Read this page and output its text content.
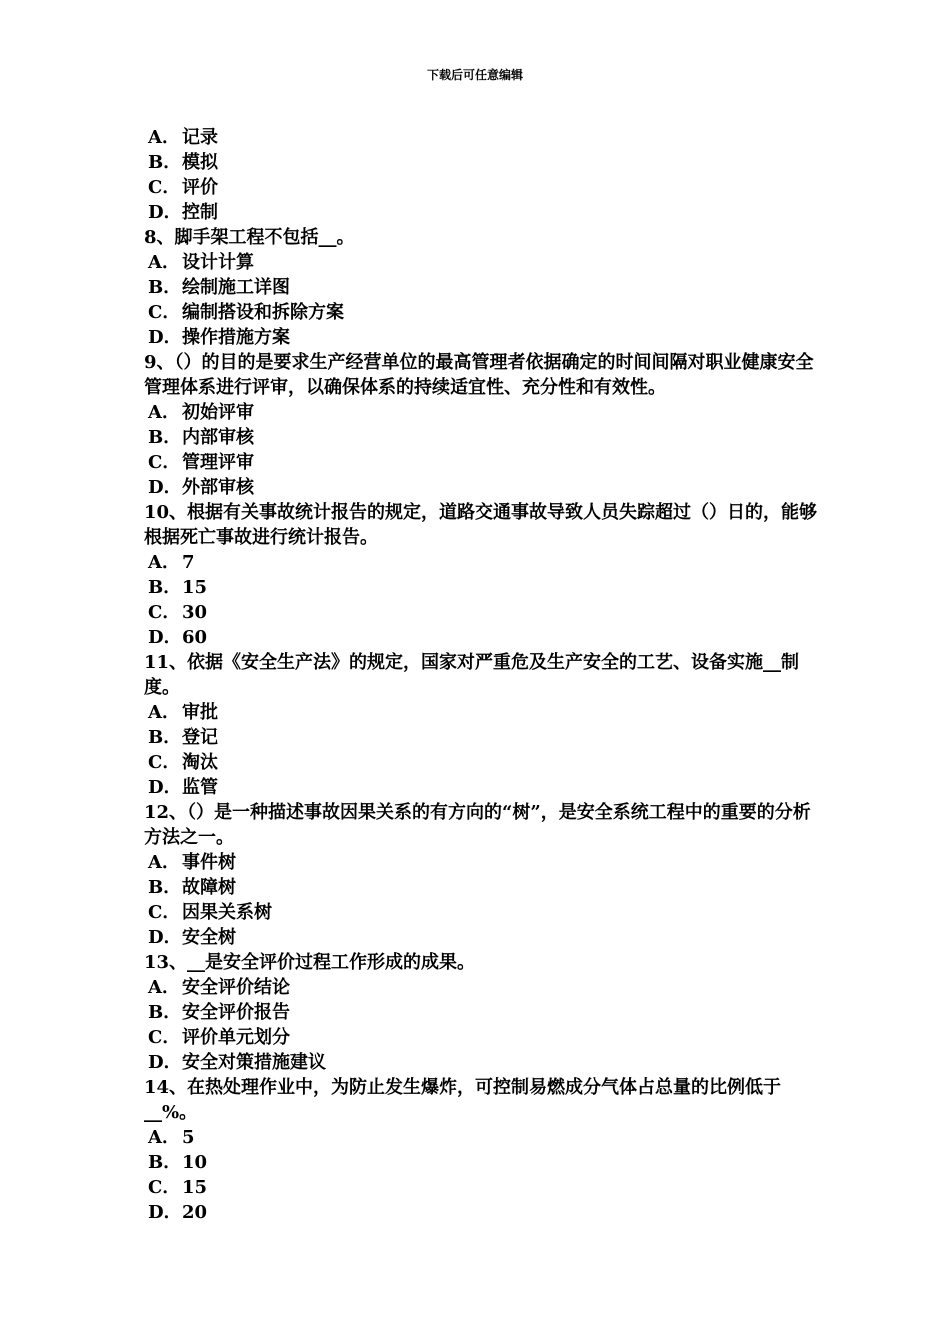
下载后可任意编辑
A． 记录
B．模拟
C．评价
D．控制
8、脚手架工程不包括__。
A． 设计计算
B．绘制施工详图
C．编制搭设和拆除方案
D．操作措施方案
9、（）的目的是要求生产经营单位的最高管理者依据确定的时间间隔对职业健康安全管理体系进行评审，以确保体系的持续适宜性、充分性和有效性。
A． 初始评审
B．内部审核
C．管理评审
D．外部审核
10、根据有关事故统计报告的规定，道路交通事故导致人员失踪超过（）日的，能够根据死亡事故进行统计报告。
A． 7
B．15
C．30
D．60
11、依据《安全生产法》的规定，国家对严重危及生产安全的工艺、设备实施__制度。
A． 审批
B．登记
C．淘汰
D．监管
12、（）是一种描述事故因果关系的有方向的“树”，是安全系统工程中的重要的分析方法之一。
A． 事件树
B．故障树
C．因果关系树
D．安全树
13、__是安全评价过程工作形成的成果。
A． 安全评价结论
B．安全评价报告
C．评价单元划分
D．安全对策措施建议
14、在热处理作业中，为防止发生爆炸，可控制易燃成分气体占总量的比例低于__%。
A． 5
B．10
C．15
D．20
